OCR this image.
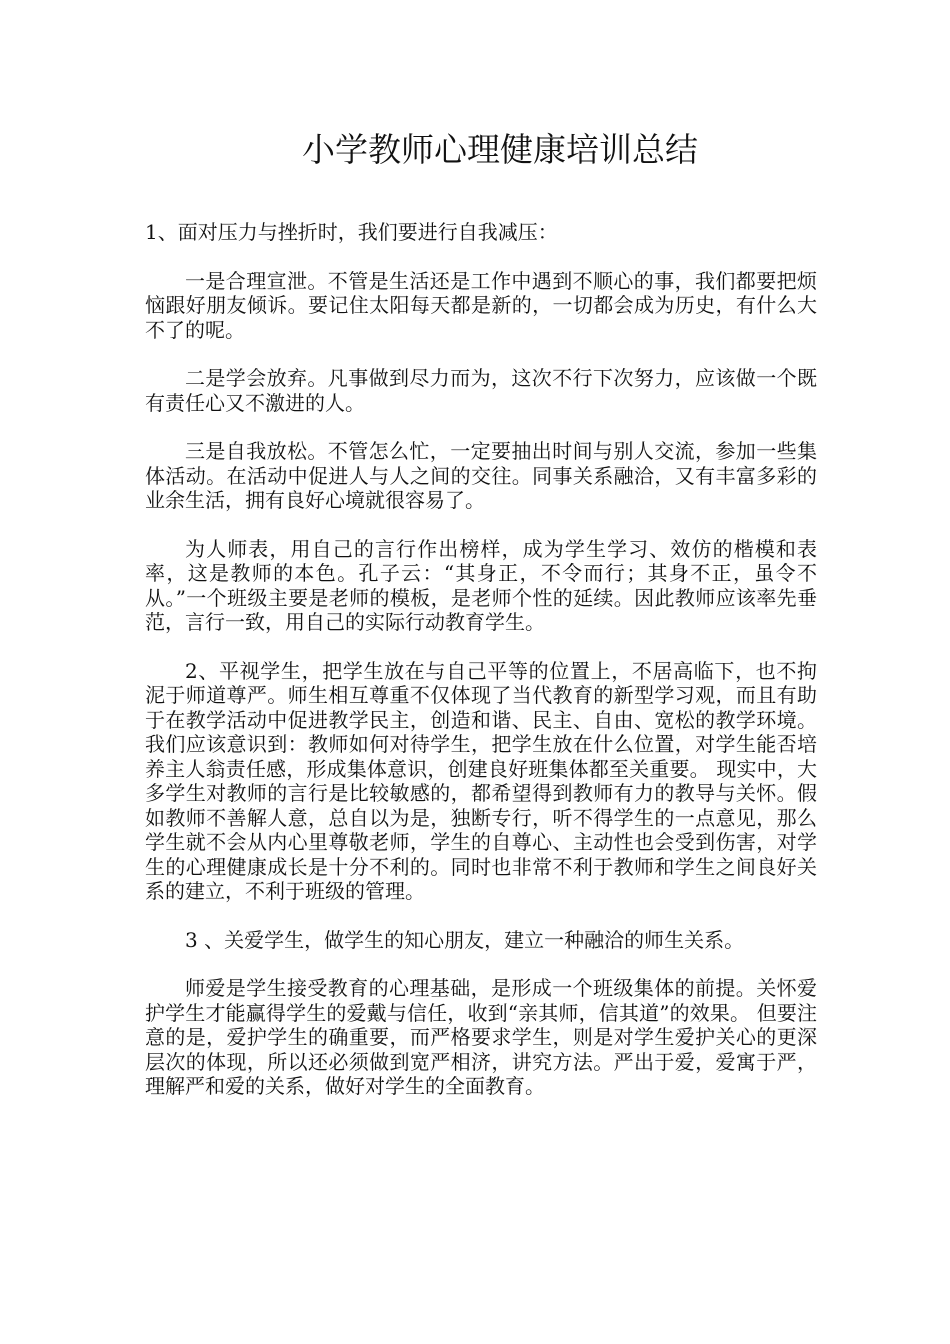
小学教师心理健康培训总结

1、面对压力与挫折时，我们要进行自我减压：

一是合理宣泄。不管是生活还是工作中遇到不顺心的事，我们都要把烦恼跟好朋友倾诉。要记住太阳每天都是新的，一切都会成为历史，有什么大不了的呢。

二是学会放弃。凡事做到尽力而为，这次不行下次努力，应该做一个既有责任心又不激进的人。

三是自我放松。不管怎么忙，一定要抽出时间与别人交流，参加一些集体活动。在活动中促进人与人之间的交往。同事关系融洽，又有丰富多彩的业余生活，拥有良好心境就很容易了。

为人师表，用自己的言行作出榜样，成为学生学习、效仿的楷模和表率，这是教师的本色。孔子云：“其身正，不令而行；其身不正，虽令不从。”一个班级主要是老师的模板，是老师个性的延续。因此教师应该率先垂范，言行一致，用自己的实际行动教育学生。

2、平视学生，把学生放在与自己平等的位置上，不居高临下，也不拘泥于师道尊严。师生相互尊重不仅体现了当代教育的新型学习观，而且有助于在教学活动中促进教学民主，创造和谐、民主、自由、宽松的教学环境。我们应该意识到：教师如何对待学生，把学生放在什么位置，对学生能否培养主人翁责任感，形成集体意识，创建良好班集体都至关重要。 现实中，大多学生对教师的言行是比较敏感的，都希望得到教师有力的教导与关怀。假如教师不善解人意，总自以为是，独断专行，听不得学生的一点意见，那么学生就不会从内心里尊敬老师，学生的自尊心、主动性也会受到伤害，对学生的心理健康成长是十分不利的。同时也非常不利于教师和学生之间良好关系的建立，不利于班级的管理。

3 、关爱学生，做学生的知心朋友，建立一种融洽的师生关系。

师爱是学生接受教育的心理基础，是形成一个班级集体的前提。关怀爱护学生才能赢得学生的爱戴与信任，收到“亲其师，信其道”的效果。 但要注意的是，爱护学生的确重要，而严格要求学生，则是对学生爱护关心的更深层次的体现，所以还必须做到宽严相济，讲究方法。严出于爱，爱寓于严，理解严和爱的关系，做好对学生的全面教育。
